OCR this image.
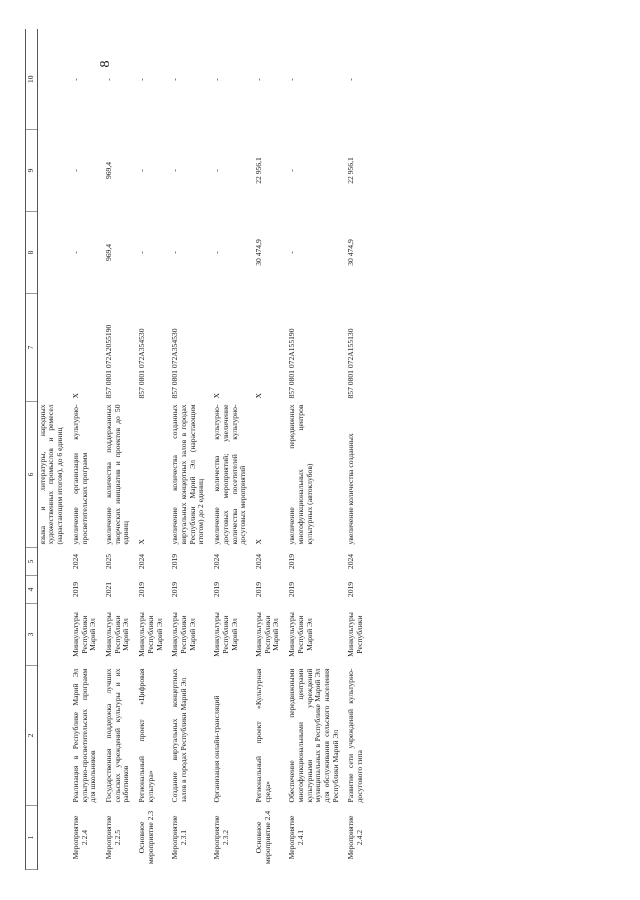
8
1	2	3	4	5	6	7	8	9	10
					языка и литературы, народных художественных промыслов и ремесел (нарастающим итогом), до 6 единиц				
Мероприятие 2.2.4	Реализация в Республике Марий Эл культурно-просветительских программ для школьников	Минкультуры Республики Марий Эл	2019	2024	увеличение организации культурно-просветительских программ	X	-	-	-
Мероприятие 2.2.5	Государственная поддержка лучших сельских учреждений культуры и их работников	Минкультуры Республики Марий Эл	2021	2025	увеличение количества поддержанных творческих инициатив и проектов до 50 единиц	857 0801 072A2055190	969,4	969,4	-
Основное мероприятие 2.3	Региональный проект «Цифровая культура»	Минкультуры Республики Марий Эл	2019	2024	X	857 0801 072A354530	-	-	-
Мероприятие 2.3.1	Создание виртуальных концертных залов в городах Республики Марий Эл	Минкультуры Республики Марий Эл	2019	2019	увеличение количества созданных виртуальных концертных залов в городах Республики Марий Эл (нарастающим итогом) до 2 единиц	857 0801 072A354530	-	-	-
Мероприятие 2.3.2	Организация онлайн-трансляций	Минкультуры Республики Марий Эл	2019	2024	увеличение количества культурно-досуговых мероприятий; увеличение количества посетителей культурно-досуговых мероприятий	X	-	-	-
Основное мероприятие 2.4	Региональный проект «Культурная среда»	Минкультуры Республики Марий Эл	2019	2024	X	X	30 474,9	22 956,1	-
Мероприятие 2.4.1	Обеспечение передвижными многофункциональными центрами культурными учреждений муниципальных в Республике Марий Эл для обслуживания сельского населения Республики Марий Эл	Минкультуры Республики Марий Эл	2019	2019	увеличение передвижных многофункциональных центров культурных (автоклубов)	857 0801 072A155190	-	-	-
Мероприятие 2.4.2	Развитие сети учреждений культурно-досугового типа	Минкультуры Республики	2019	2024	увеличение количества созданных	857 0801 072A155130	30 474,9	22 956,1	-
